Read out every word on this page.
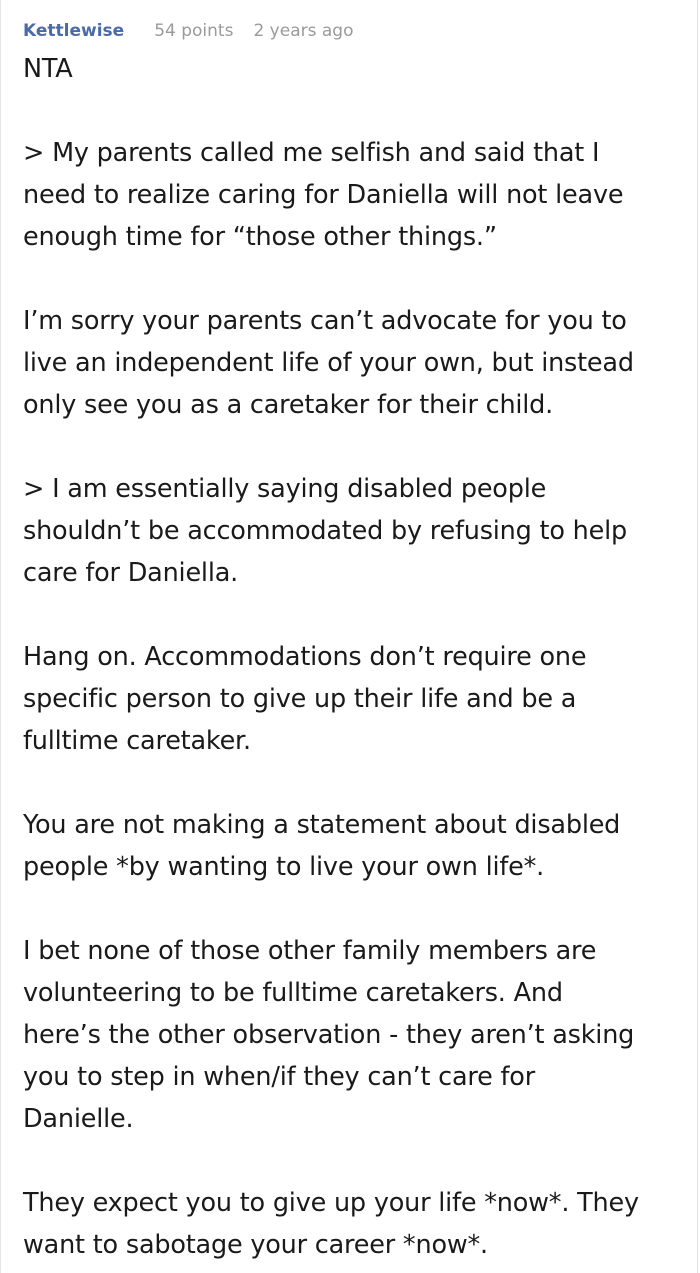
Kettlewise 54 points 2 years ago
NTA
> My parents called me selfish and said that I
need to realize caring for Daniella will not leave
enough time for “those other things.”
I’m sorry your parents can’t advocate for you to
live an independent life of your own, but instead
only see you as a caretaker for their child.
> I am essentially saying disabled people
shouldn’t be accommodated by refusing to help
care for Daniella.
Hang on. Accommodations don’t require one
specific person to give up their life and be a
fulltime caretaker.
You are not making a statement about disabled
people *by wanting to live your own life*.
I bet none of those other family members are
volunteering to be fulltime caretakers. And
here’s the other observation - they aren’t asking
you to step in when/if they can’t care for
Danielle.
They expect you to give up your life *now*. They
want to sabotage your career *now*.
